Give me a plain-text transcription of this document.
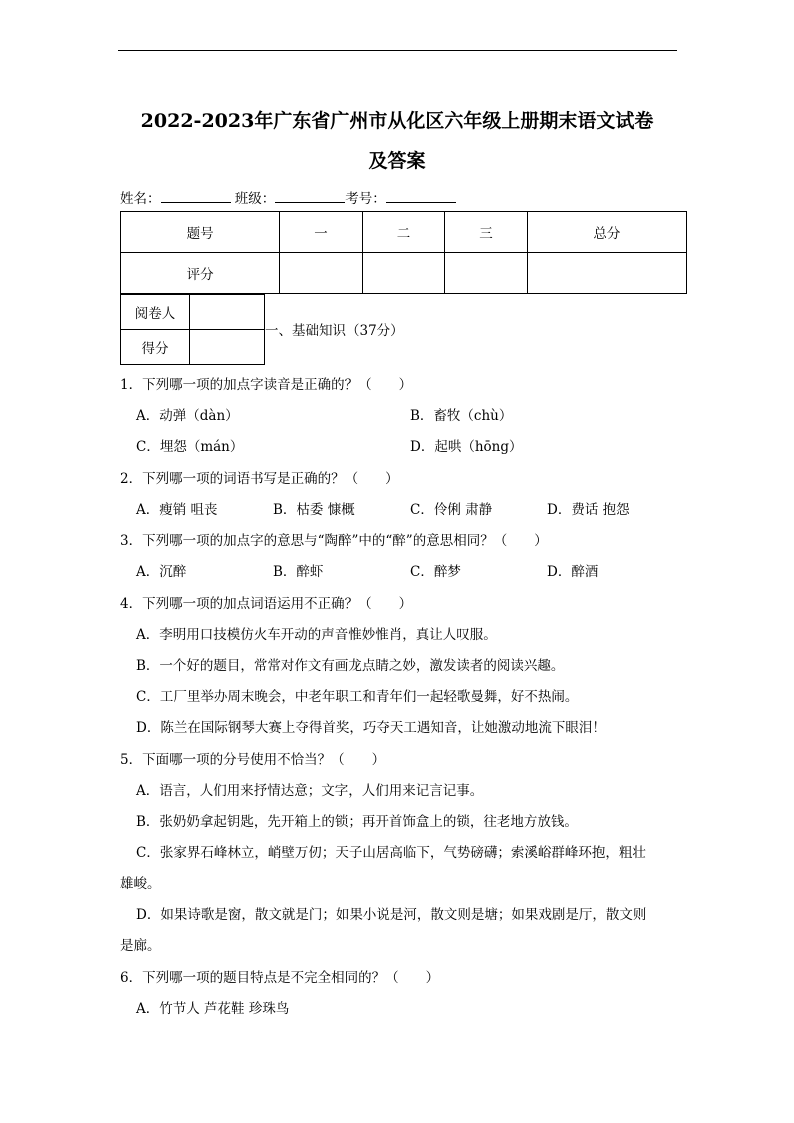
2022-2023年广东省广州市从化区六年级上册期末语文试卷
及答案
姓名：	班级：	考号：
题号	一	二	三	总分
评分				
阅卷人	
得分	
一、基础知识（37分）
1．下列哪一项的加点字读音是正确的？（　　）
A．动弹（dàn）	B．畜牧（chù）
C．埋怨（mán）	D．起哄（hōng）
2．下列哪一项的词语书写是正确的？（　　）
A．瘦销 咀丧	B．枯委 慷概	C．伶俐 肃静	D．费话 抱怨
3．下列哪一项的加点字的意思与“陶醉”中的“醉”的意思相同？（　　）
A．沉醉	B．醉虾	C．醉梦	D．醉酒
4．下列哪一项的加点词语运用不正确？（　　）
A．李明用口技模仿火车开动的声音惟妙惟肖，真让人叹服。
B．一个好的题目，常常对作文有画龙点睛之妙，激发读者的阅读兴趣。
C．工厂里举办周末晚会，中老年职工和青年们一起轻歌曼舞，好不热闹。
D．陈兰在国际钢琴大赛上夺得首奖，巧夺天工遇知音，让她激动地流下眼泪！
5．下面哪一项的分号使用不恰当？（　　）
A．语言，人们用来抒情达意；文字，人们用来记言记事。
B．张奶奶拿起钥匙，先开箱上的锁；再开首饰盒上的锁，往老地方放钱。
C．张家界石峰林立，峭壁万仞；天子山居高临下，气势磅礴；索溪峪群峰环抱，粗壮
雄峻。
D．如果诗歌是窗，散文就是门；如果小说是河，散文则是塘；如果戏剧是厅，散文则
是廊。
6．下列哪一项的题目特点是不完全相同的？（　　）
A．竹节人 芦花鞋 珍珠鸟
